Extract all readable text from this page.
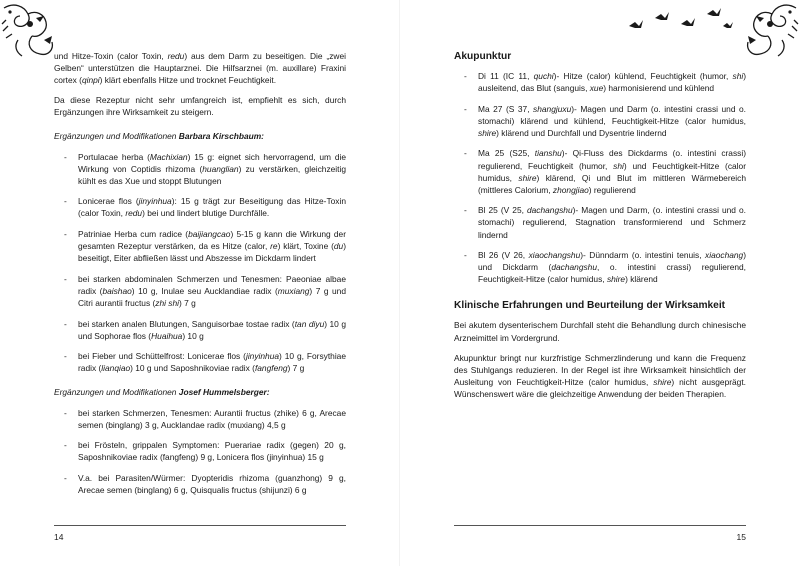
und Hitze-Toxin (calor Toxin, redu) aus dem Darm zu beseitigen. Die „zwei Gelben“ unterstützen die Hauptarznei. Die Hilfsarznei (m. auxillare) Fraxini cortex (qinpi) klärt ebenfalls Hitze und trocknet Feuchtigkeit.

Da diese Rezeptur nicht sehr umfangreich ist, empfiehlt es sich, durch Ergänzungen ihre Wirksamkeit zu steigern.

Ergänzungen und Modifikationen Barbara Kirschbaum:
- Portulacae herba (Machixian) 15 g: eignet sich hervorragend, um die Wirkung von Coptidis rhizoma (huanglian) zu verstärken, gleichzeitig kühlt es das Xue und stoppt Blutungen
- Lonicerae flos (jinyinhua): 15 g trägt zur Beseitigung das Hitze-Toxin (calor Toxin, redu) bei und lindert blutige Durchfälle.
- Patriniae Herba cum radice (baijiangcao) 5-15 g kann die Wirkung der gesamten Rezeptur verstärken, da es Hitze (calor, re) klärt, Toxine (du) beseitigt, Eiter abfließen lässt und Abszesse im Dickdarm lindert
- bei starken abdominalen Schmerzen und Tenesmen: Paeoniae albae radix (baishao) 10 g, Inulae seu Aucklandiae radix (muxiang) 7 g und Citri aurantii fructus (zhi shi) 7 g
- bei starken analen Blutungen, Sanguisorbae tostae radix (tan diyu) 10 g und Sophorae flos (Huaihua) 10 g
- bei Fieber und Schüttelfrost: Lonicerae flos (jinyinhua) 10 g, Forsythiae radix (lianqiao) 10 g und Saposhnikoviae radix (fangfeng) 7 g
Ergänzungen und Modifikationen Josef Hummelsberger:
- bei starken Schmerzen, Tenesmen: Aurantii fructus (zhike) 6 g, Arecae semen (binglang) 3 g, Aucklandae radix (muxiang) 4,5 g
- bei Frösteln, grippalen Symptomen: Puerariae radix (gegen) 20 g, Saposhnikoviae radix (fangfeng) 9 g, Lonicera flos (jinyinhua) 15 g
- V.a. bei Parasiten/Würmer: Dyopteridis rhizoma (guanzhong) 9 g, Arecae semen (binglang) 6 g, Quisqualis fructus (shijunzi) 6 g
14
Akupunktur
- Di 11 (IC 11, quchi)- Hitze (calor) kühlend, Feuchtigkeit (humor, shi) ausleitend, das Blut (sanguis, xue) harmonisierend und kühlend
- Ma 27 (S 37, shangjuxu)- Magen und Darm (o. intestini crassi und o. stomachi) klärend und kühlend, Feuchtigkeit-Hitze (calor humidus, shire) klärend und Durchfall und Dysentrie lindernd
- Ma 25 (S25, tianshu)- Qi-Fluss des Dickdarms (o. intestini crassi) regulierend, Feuchtigkeit (humor, shi) und Feuchtigkeit-Hitze (calor humidus, shire) klärend, Qi und Blut im mittleren Wärmebereich (mittleres Calorium, zhongjiao) regulierend
- Bl 25 (V 25, dachangshu)- Magen und Darm, (o. intestini crassi und o. stomachi) regulierend, Stagnation transformierend und Schmerz lindernd
- Bl 26 (V 26, xiaochangshu)- Dünndarm (o. intestini tenuis, xiaochang) und Dickdarm (dachangshu, o. intestini crassi) regulierend, Feuchtigkeit-Hitze (calor humidus, shire) klärend
Klinische Erfahrungen und Beurteilung der Wirksamkeit

Bei akutem dysenterischem Durchfall steht die Behandlung durch chinesische Arzneimittel im Vordergrund.

Akupunktur bringt nur kurzfristige Schmerzlinderung und kann die Frequenz des Stuhlgangs reduzieren. In der Regel ist ihre Wirksamkeit hinsichtlich der Ausleitung von Feuchtigkeit-Hitze (calor humidus, shire) nicht ausgeprägt. Wünschenswert wäre die gleichzeitige Anwendung der beiden Therapien.

15
